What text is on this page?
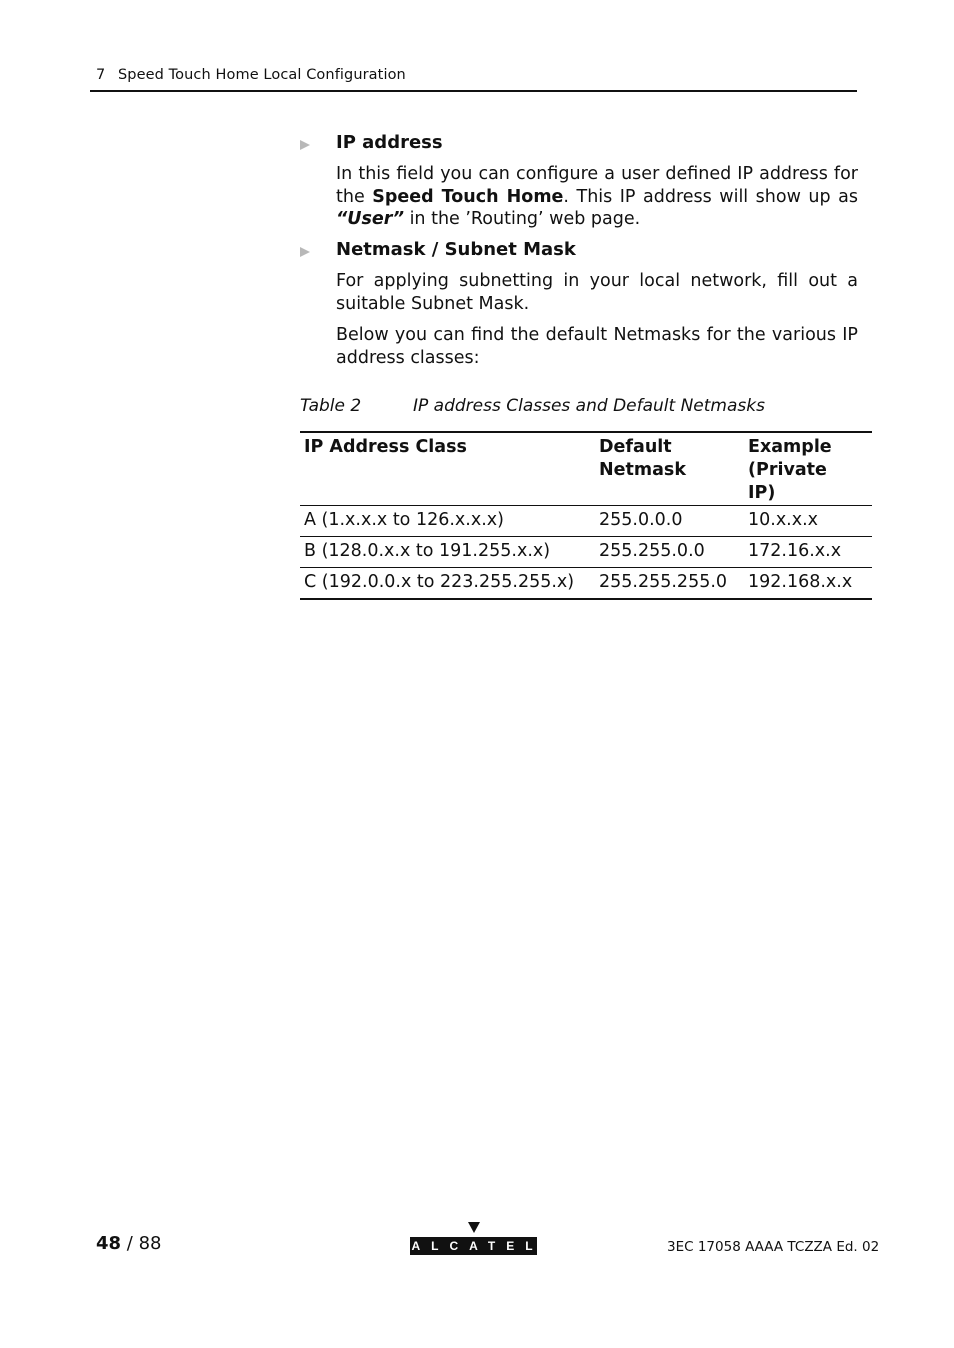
7 Speed Touch Home Local Configuration
IP address
In this field you can configure a user defined IP address for the Speed Touch Home. This IP address will show up as “User” in the ’Routing’ web page.
Netmask / Subnet Mask
For applying subnetting in your local network, fill out a suitable Subnet Mask.
Below you can find the default Netmasks for the various IP address classes:
Table 2	IP address Classes and Default Netmasks
IP Address Class	Default Netmask	Example (Private IP)
A (1.x.x.x to 126.x.x.x)	255.0.0.0	10.x.x.x
B (128.0.x.x to 191.255.x.x)	255.255.0.0	172.16.x.x
C (192.0.0.x to 223.255.255.x)	255.255.255.0	192.168.x.x
48 / 88	ALCATEL	3EC 17058 AAAA TCZZA Ed. 02
